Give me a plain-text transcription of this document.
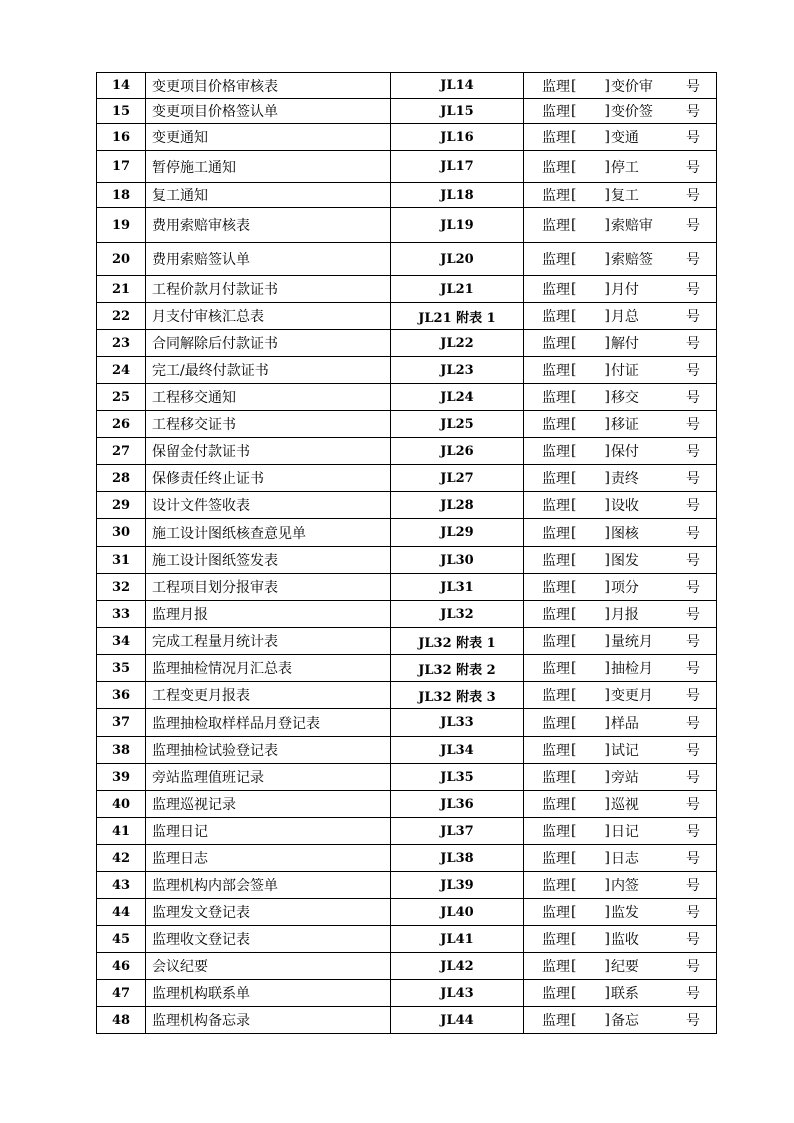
14	变更项目价格审核表	JL14	监理 [ ] 变价审 号

15	变更项目价格签认单	JL15	监理 [ ] 变价签 号

16	变更通知	JL16	监理 [ ] 变通 号

17	暂停施工通知	JL17	监理 [ ] 停工 号

18	复工通知	JL18	监理 [ ] 复工 号

19	费用索赔审核表	JL19	监理 [ ] 索赔审 号

20	费用索赔签认单	JL20	监理 [ ] 索赔签 号

21	工程价款月付款证书	JL21	监理 [ ] 月付 号

22	月支付审核汇总表	JL21 附表 1	监理 [ ] 月总 号

23	合同解除后付款证书	JL22	监理 [ ] 解付 号

24	完工/最终付款证书	JL23	监理 [ ] 付证 号

25	工程移交通知	JL24	监理 [ ] 移交 号

26	工程移交证书	JL25	监理 [ ] 移证 号

27	保留金付款证书	JL26	监理 [ ] 保付 号

28	保修责任终止证书	JL27	监理 [ ] 责终 号

29	设计文件签收表	JL28	监理 [ ] 设收 号

30	施工设计图纸核查意见单	JL29	监理 [ ] 图核 号

31	施工设计图纸签发表	JL30	监理 [ ] 图发 号

32	工程项目划分报审表	JL31	监理 [ ] 项分 号

33	监理月报	JL32	监理 [ ] 月报 号

34	完成工程量月统计表	JL32 附表 1	监理 [ ] 量统月 号

35	监理抽检情况月汇总表	JL32 附表 2	监理 [ ] 抽检月 号

36	工程变更月报表	JL32 附表 3	监理 [ ] 变更月 号

37	监理抽检取样样品月登记表	JL33	监理 [ ] 样品 号

38	监理抽检试验登记表	JL34	监理 [ ] 试记 号

39	旁站监理值班记录	JL35	监理 [ ] 旁站 号

40	监理巡视记录	JL36	监理 [ ] 巡视 号

41	监理日记	JL37	监理 [ ] 日记 号

42	监理日志	JL38	监理 [ ] 日志 号

43	监理机构内部会签单	JL39	监理 [ ] 内签 号

44	监理发文登记表	JL40	监理 [ ] 监发 号

45	监理收文登记表	JL41	监理 [ ] 监收 号

46	会议纪要	JL42	监理 [ ] 纪要 号

47	监理机构联系单	JL43	监理 [ ] 联系 号

48	监理机构备忘录	JL44	监理 [ ] 备忘 号
